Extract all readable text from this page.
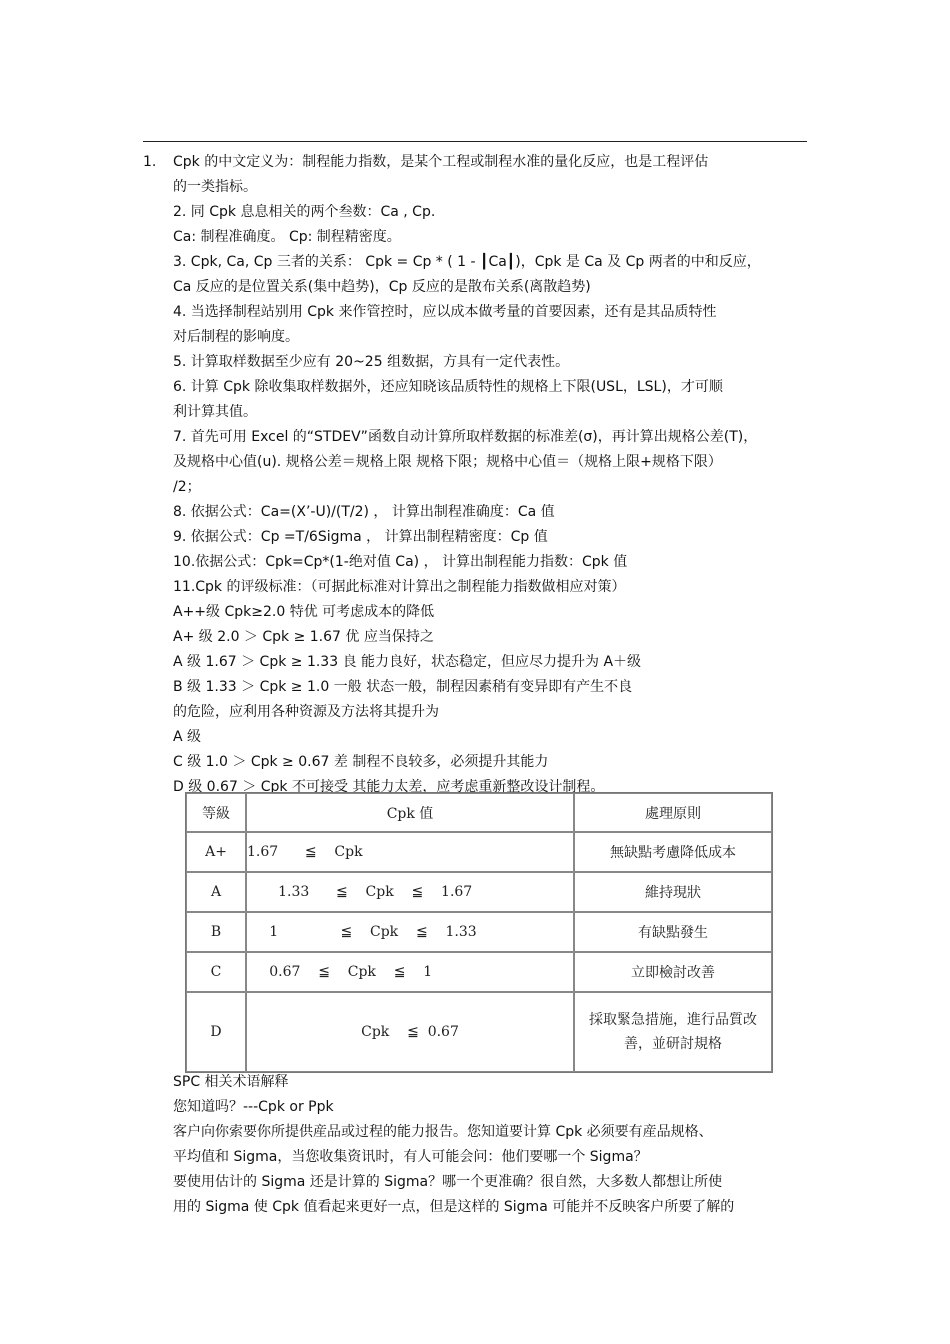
1. Cpk 的中文定义为：制程能力指数，是某个工程或制程水准的量化反应，也是工程评估
的一类指标。
2. 同 Cpk 息息相关的两个叁数：Ca , Cp.
Ca: 制程准确度。 Cp: 制程精密度。
3. Cpk, Ca, Cp 三者的关系： Cpk = Cp * ( 1 - ┃Ca┃)，Cpk 是 Ca 及 Cp 两者的中和反应，
Ca 反应的是位置关系(集中趋势)，Cp 反应的是散布关系(离散趋势)
4. 当选择制程站别用 Cpk 来作管控时，应以成本做考量的首要因素，还有是其品质特性
对后制程的影响度。
5. 计算取样数据至少应有 20~25 组数据，方具有一定代表性。
6. 计算 Cpk 除收集取样数据外，还应知晓该品质特性的规格上下限(USL，LSL)，才可顺
利计算其值。
7. 首先可用 Excel 的“STDEV”函数自动计算所取样数据的标准差(σ)，再计算出规格公差(T)，
及规格中心值(u). 规格公差＝规格上限 规格下限；规格中心值＝（规格上限+规格下限）
/2；
8. 依据公式：Ca=(X’-U)/(T/2) ， 计算出制程准确度：Ca 值
9. 依据公式：Cp =T/6Sigma ， 计算出制程精密度：Cp 值
10.依据公式：Cpk=Cp*(1-绝对值 Ca) ， 计算出制程能力指数：Cpk 值
11.Cpk 的评级标准：（可据此标准对计算出之制程能力指数做相应对策）
A++级 Cpk≥2.0 特优 可考虑成本的降低
A+ 级 2.0 ＞ Cpk ≥ 1.67 优 应当保持之
A 级 1.67 ＞ Cpk ≥ 1.33 良 能力良好，状态稳定，但应尽力提升为 A＋级
B 级 1.33 ＞ Cpk ≥ 1.0 一般 状态一般，制程因素稍有变异即有产生不良
的危险，应利用各种资源及方法将其提升为
A 级
C 级 1.0 ＞ Cpk ≥ 0.67 差 制程不良较多，必须提升其能力
D 级 0.67 ＞ Cpk 不可接受 其能力太差，应考虑重新整改设计制程。
等級	Cpk 值	處理原則
A+	1.67      ≦    Cpk	無缺點考慮降低成本
A	1.33      ≦    Cpk    ≦    1.67	維持現狀
B	1              ≦    Cpk    ≦    1.33	有缺點發生
C	0.67    ≦    Cpk    ≦    1	立即檢討改善
D	Cpk    ≦  0.67	採取緊急措施，進行品質改善，並研討規格
SPC 相关术语解释
您知道吗？---Cpk or Ppk
客户向你索要你所提供産品或过程的能力报告。您知道要计算 Cpk 必须要有産品规格、
平均值和 Sigma，当您收集资讯时，有人可能会问：他们要哪一个 Sigma？
要使用估计的 Sigma 还是计算的 Sigma？哪一个更准确？很自然，大多数人都想让所使
用的 Sigma 使 Cpk 值看起来更好一点，但是这样的 Sigma 可能并不反映客户所要了解的
